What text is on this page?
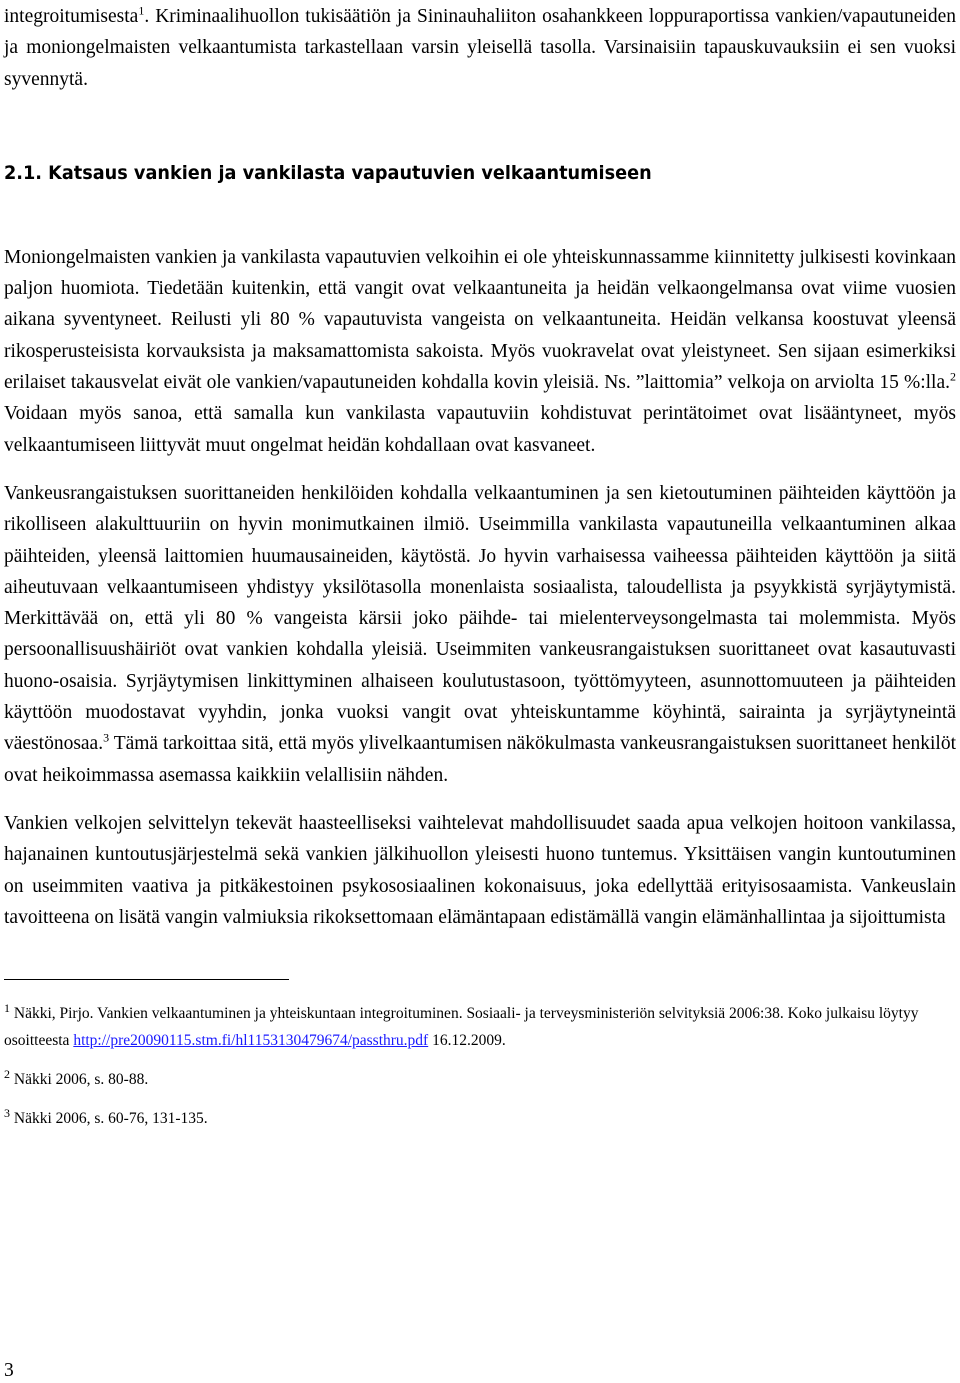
integroitumisesta$^1$. Kriminaalihuollon tukisäätiön ja Sininauhaliiton osahankkeen loppuraportissa vankien/vapautuneiden ja moniongelmaisten velkaantumista tarkastellaan varsin yleisellä tasolla. Varsinaisiin tapauskuvauksiin ei sen vuoksi syvennytä.

2.1. Katsaus vankien ja vankilasta vapautuvien velkaantumiseen

Moniongelmaisten vankien ja vankilasta vapautuvien velkoihin ei ole yhteiskunnassamme kiinnitetty julkisesti kovinkaan paljon huomiota. Tiedetään kuitenkin, että vangit ovat velkaantuneita ja heidän velkaongelmansa ovat viime vuosien aikana syventyneet. Reilusti yli 80 % vapautuvista vangeista on velkaantuneita. Heidän velkansa koostuvat yleensä rikosperusteisista korvauksista ja maksamattomista sakoista. Myös vuokravelat ovat yleistyneet. Sen sijaan esimerkiksi erilaiset takausvelat eivät ole vankien/vapautuneiden kohdalla kovin yleisiä. Ns. ”laittomia” velkoja on arviolta 15 %:lla.$^2$ Voidaan myös sanoa, että samalla kun vankilasta vapautuviin kohdistuvat perintätoimet ovat lisääntyneet, myös velkaantumiseen liittyvät muut ongelmat heidän kohdallaan ovat kasvaneet.

Vankeusrangaistuksen suorittaneiden henkilöiden kohdalla velkaantuminen ja sen kietoutuminen päihteiden käyttöön ja rikolliseen alakulttuuriin on hyvin monimutkainen ilmiö. Useimmilla vankilasta vapautuneilla velkaantuminen alkaa päihteiden, yleensä laittomien huumausaineiden, käytöstä. Jo hyvin varhaisessa vaiheessa päihteiden käyttöön ja siitä aiheutuvaan velkaantumiseen yhdistyy yksilötasolla monenlaista sosiaalista, taloudellista ja psyykkistä syrjäytymistä. Merkittävää on, että yli 80 % vangeista kärsii joko päihde- tai mielenterveysongelmasta tai molemmista. Myös persoonallisuushäiriöt ovat vankien kohdalla yleisiä. Useimmiten vankeusrangaistuksen suorittaneet ovat kasautuvasti huono-osaisia. Syrjäytymisen linkittyminen alhaiseen koulutustasoon, työttömyyteen, asunnottomuuteen ja päihteiden käyttöön muodostavat vyyhdin, jonka vuoksi vangit ovat yhteiskuntamme köyhintä, sairainta ja syrjäytyneintä väestönosaa.$^3$ Tämä tarkoittaa sitä, että myös ylivelkaantumisen näkökulmasta vankeusrangaistuksen suorittaneet henkilöt ovat heikoimmassa asemassa kaikkiin velallisiin nähden.

Vankien velkojen selvittelyn tekevät haasteelliseksi vaihtelevat mahdollisuudet saada apua velkojen hoitoon vankilassa, hajanainen kuntoutusjärjestelmä sekä vankien jälkihuollon yleisesti huono tuntemus. Yksittäisen vangin kuntoutuminen on useimmiten vaativa ja pitkäkestoinen psykososiaalinen kokonaisuus, joka edellyttää erityisosaamista. Vankeuslain tavoitteena on lisätä vangin valmiuksia rikoksettomaan elämäntapaan edistämällä vangin elämänhallintaa ja sijoittumista

$^1$ Näkki, Pirjo. Vankien velkaantuminen ja yhteiskuntaan integroituminen. Sosiaali- ja terveysministeriön selvityksiä 2006:38. Koko julkaisu löytyy osoitteesta http://pre20090115.stm.fi/hl1153130479674/passthru.pdf 16.12.2009.

$^2$ Näkki 2006, s. 80-88.

$^3$ Näkki 2006, s. 60-76, 131-135.

3
